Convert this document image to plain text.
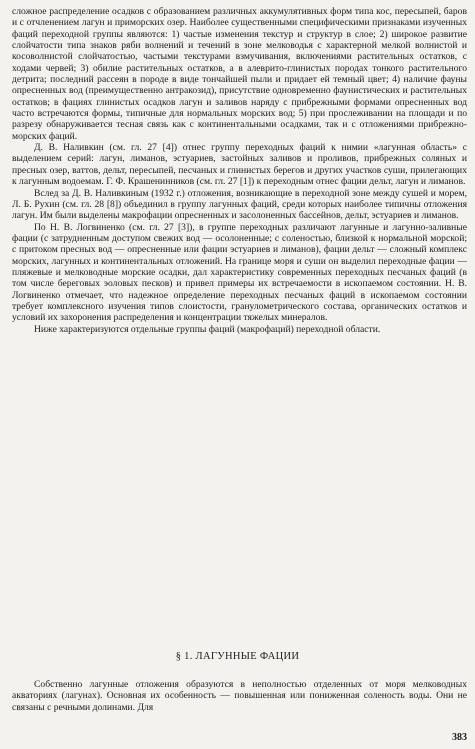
сложное распределение осадков с образованием различных аккумулятивных форм типа кос, пересыпей, баров и с отчленением лагун и приморских озер. Наиболее существенными специфическими признаками изученных фаций переходной группы являются: 1) частые изменения текстур и структур в слое; 2) широкое развитие слойчатости типа знаков ряби волнений и течений в зоне мелководья с характерной мелкой волнистой и косоволнистой слойчатостью, частыми текстурами взмучивания, включениями растительных остатков, с ходами червей; 3) обилие растительных остатков, а в алеврито-глинистых породах тонкого растительного детрита; последний рассеян в породе в виде тончайшей пыли и придает ей темный цвет; 4) наличие фауны опресненных вод (преимущественно антракозид), присутствие одновременно фаунистических и растительных остатков; в фациях глинистых осадков лагун и заливов наряду с прибрежными формами опресненных вод часто встречаются формы, типичные для нормальных морских вод; 5) при прослеживании на площади и по разрезу обнаруживается тесная связь как с континентальными осадками, так и с отложениями прибрежно-морских фаций.

Д. В. Наливкин (см. гл. 27 [4]) отнес группу переходных фаций к нимии «лагунная область» с выделением серий: лагун, лиманов, эстуариев, застойных заливов и проливов, прибрежных соляных и пресных озер, ваттов, дельт, пересыпей, песчаных и глинистых берегов и других участков суши, прилегающих к лагунным водоемам. Г. Ф. Крашенинников (см. гл. 27 [1]) к переходным отнес фации дельт, лагун и лиманов.

Вслед за Д. В. Наливкиным (1932 г.) отложения, возникающие в переходной зоне между сушей и морем, Л. Б. Рухин (см. гл. 28 [8]) объединил в группу лагунных фаций, среди которых наиболее типичны отложения лагун. Им были выделены макрофации опресненных и засолоненных бассейнов, дельт, эстуариев и лиманов.

По Н. В. Логвиненко (см. гл. 27 [3]), в группе переходных различают лагунные и лагунно-заливные фации (с затрудненным доступом свежих вод — осолоненные; с соленостью, близкой к нормальной морской; с притоком пресных вод — опресненные или фации эстуариев и лиманов), фации дельт — сложный комплекс морских, лагунных и континентальных отложений. На границе моря и суши он выделил переходные фации — пляжевые и мелководные морские осадки, дал характеристику современных переходных песчаных фаций (в том числе береговых эоловых песков) и привел примеры их встречаемости в ископаемом состоянии. Н. В. Логвиненко отмечает, что надежное определение переходных песчаных фаций в ископаемом состоянии требует комплексного изучения типов слоистости, гранулометрического состава, органических остатков и условий их захоронения распределения и концентрации тяжелых минералов.

Ниже характеризуются отдельные группы фаций (макрофаций) переходной области.

§ 1. ЛАГУННЫЕ ФАЦИИ

Собственно лагунные отложения образуются в неполностью отделенных от моря мелководных акваториях (лагунах). Основная их особенность — повышенная или пониженная соленость воды. Они не связаны с речными долинами. Для

383
